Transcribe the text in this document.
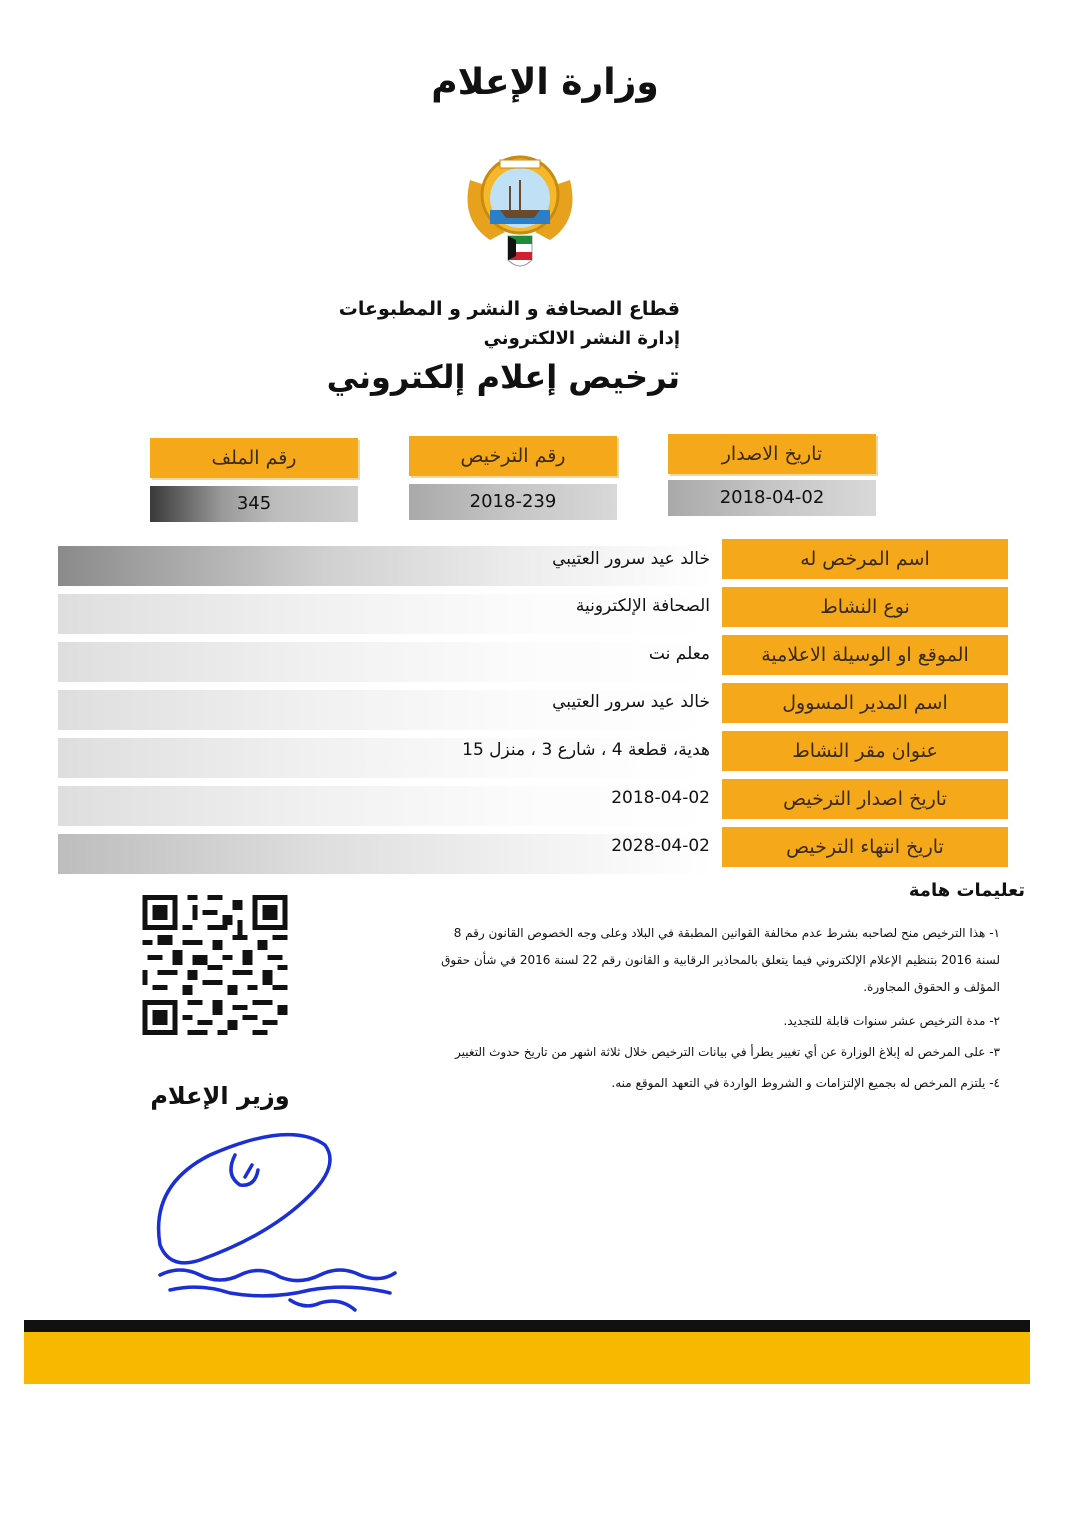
وزارة الإعلام
قطاع الصحافة و النشر و المطبوعات
إدارة النشر الالكتروني
ترخيص إعلام إلكتروني
رقم الملف
345
رقم الترخيص
2018-239
تاريخ الاصدار
2018-04-02
اسم المرخص له
خالد عيد سرور العتيبي
نوع النشاط
الصحافة الإلكترونية
الموقع او الوسيلة الاعلامية
معلم نت
اسم المدير المسوول
خالد عيد سرور العتيبي
عنوان مقر النشاط
هدية، قطعة 4 ، شارع 3 ، منزل 15
تاريخ اصدار الترخيص
2018-04-02
تاريخ انتهاء الترخيص
2028-04-02
تعليمات هامة
١- هذا الترخيص منح لصاحبه بشرط عدم مخالفة القوانين المطبقة في البلاد وعلى وجه الخصوص القانون رقم 8
لسنة 2016 بتنظيم الإعلام الإلكتروني فيما يتعلق بالمحاذير الرقابية و القانون رقم 22 لسنة 2016 في شأن حقوق
المؤلف و الحقوق المجاورة.
٢- مدة الترخيص عشر سنوات قابلة للتجديد.
٣- على المرخص له إبلاغ الوزارة عن أي تغيير يطرأ في بيانات الترخيص خلال ثلاثة اشهر من تاريخ حدوث التغيير
٤- يلتزم المرخص له بجميع الإلتزامات و الشروط الواردة في التعهد الموقع منه.
وزير الإعلام
